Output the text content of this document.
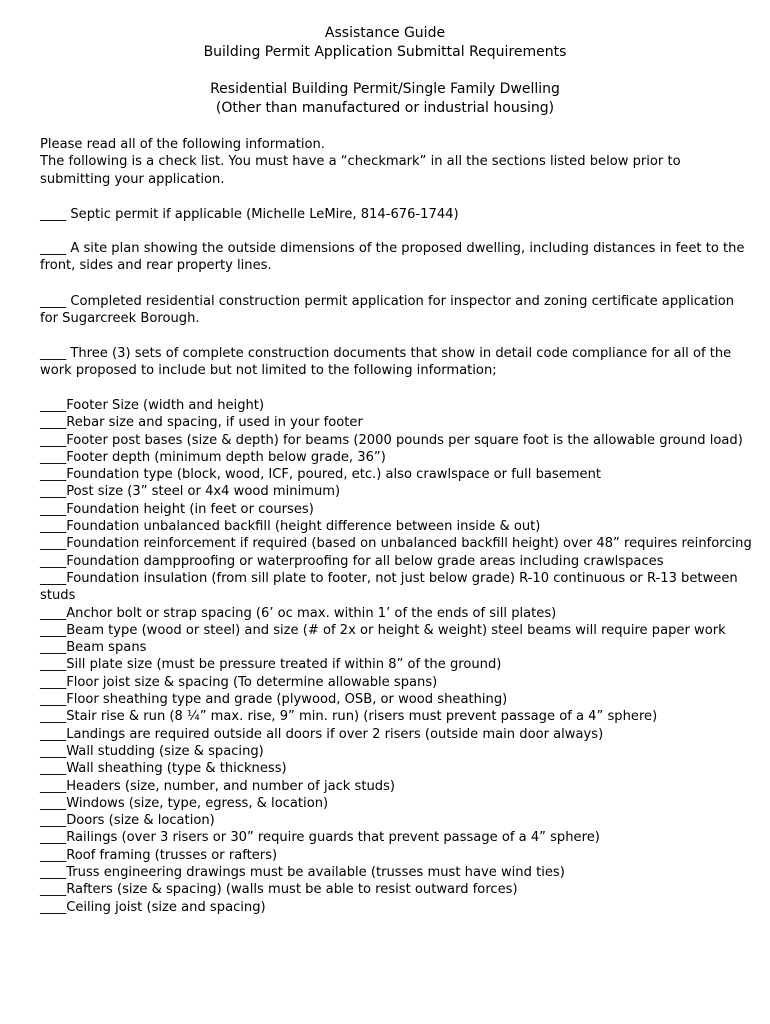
Assistance Guide
Building Permit Application Submittal Requirements
Residential Building Permit/Single Family Dwelling
(Other than manufactured or industrial housing)
Please read all of the following information.
The following is a check list. You must have a “checkmark” in all the sections listed below prior to submitting your application.
____ Septic permit if applicable (Michelle LeMire, 814-676-1744)
____ A site plan showing the outside dimensions of the proposed dwelling, including distances in feet to the front, sides and rear property lines.
____ Completed residential construction permit application for inspector and zoning certificate application for Sugarcreek Borough.
____ Three (3) sets of complete construction documents that show in detail code compliance for all of the work proposed to include but not limited to the following information;
____Footer Size (width and height)
____Rebar size and spacing, if used in your footer
____Footer post bases (size & depth) for beams (2000 pounds per square foot is the allowable ground load)
____Footer depth (minimum depth below grade, 36”)
____Foundation type (block, wood, ICF, poured, etc.) also crawlspace or full basement
____Post size (3” steel or 4x4 wood minimum)
____Foundation height (in feet or courses)
____Foundation unbalanced backfill (height difference between inside & out)
____Foundation reinforcement if required (based on unbalanced backfill height) over 48” requires reinforcing
____Foundation dampproofing or waterproofing for all below grade areas including crawlspaces
____Foundation insulation (from sill plate to footer, not just below grade) R-10 continuous or R-13 between studs
____Anchor bolt or strap spacing (6’ oc max. within 1’ of the ends of sill plates)
____Beam type (wood or steel) and size (# of 2x or height & weight) steel beams will require paper work
____Beam spans
____Sill plate size (must be pressure treated if within 8” of the ground)
____Floor joist size & spacing (To determine allowable spans)
____Floor sheathing type and grade (plywood, OSB, or wood sheathing)
____Stair rise & run (8 ¼” max. rise, 9” min. run) (risers must prevent passage of a 4” sphere)
____Landings are required outside all doors if over 2 risers (outside main door always)
____Wall studding (size & spacing)
____Wall sheathing (type & thickness)
____Headers (size, number, and number of jack studs)
____Windows (size, type, egress, & location)
____Doors (size & location)
____Railings (over 3 risers or 30” require guards that prevent passage of a 4” sphere)
____Roof framing (trusses or rafters)
____Truss engineering drawings must be available (trusses must have wind ties)
____Rafters (size & spacing) (walls must be able to resist outward forces)
____Ceiling joist (size and spacing)
